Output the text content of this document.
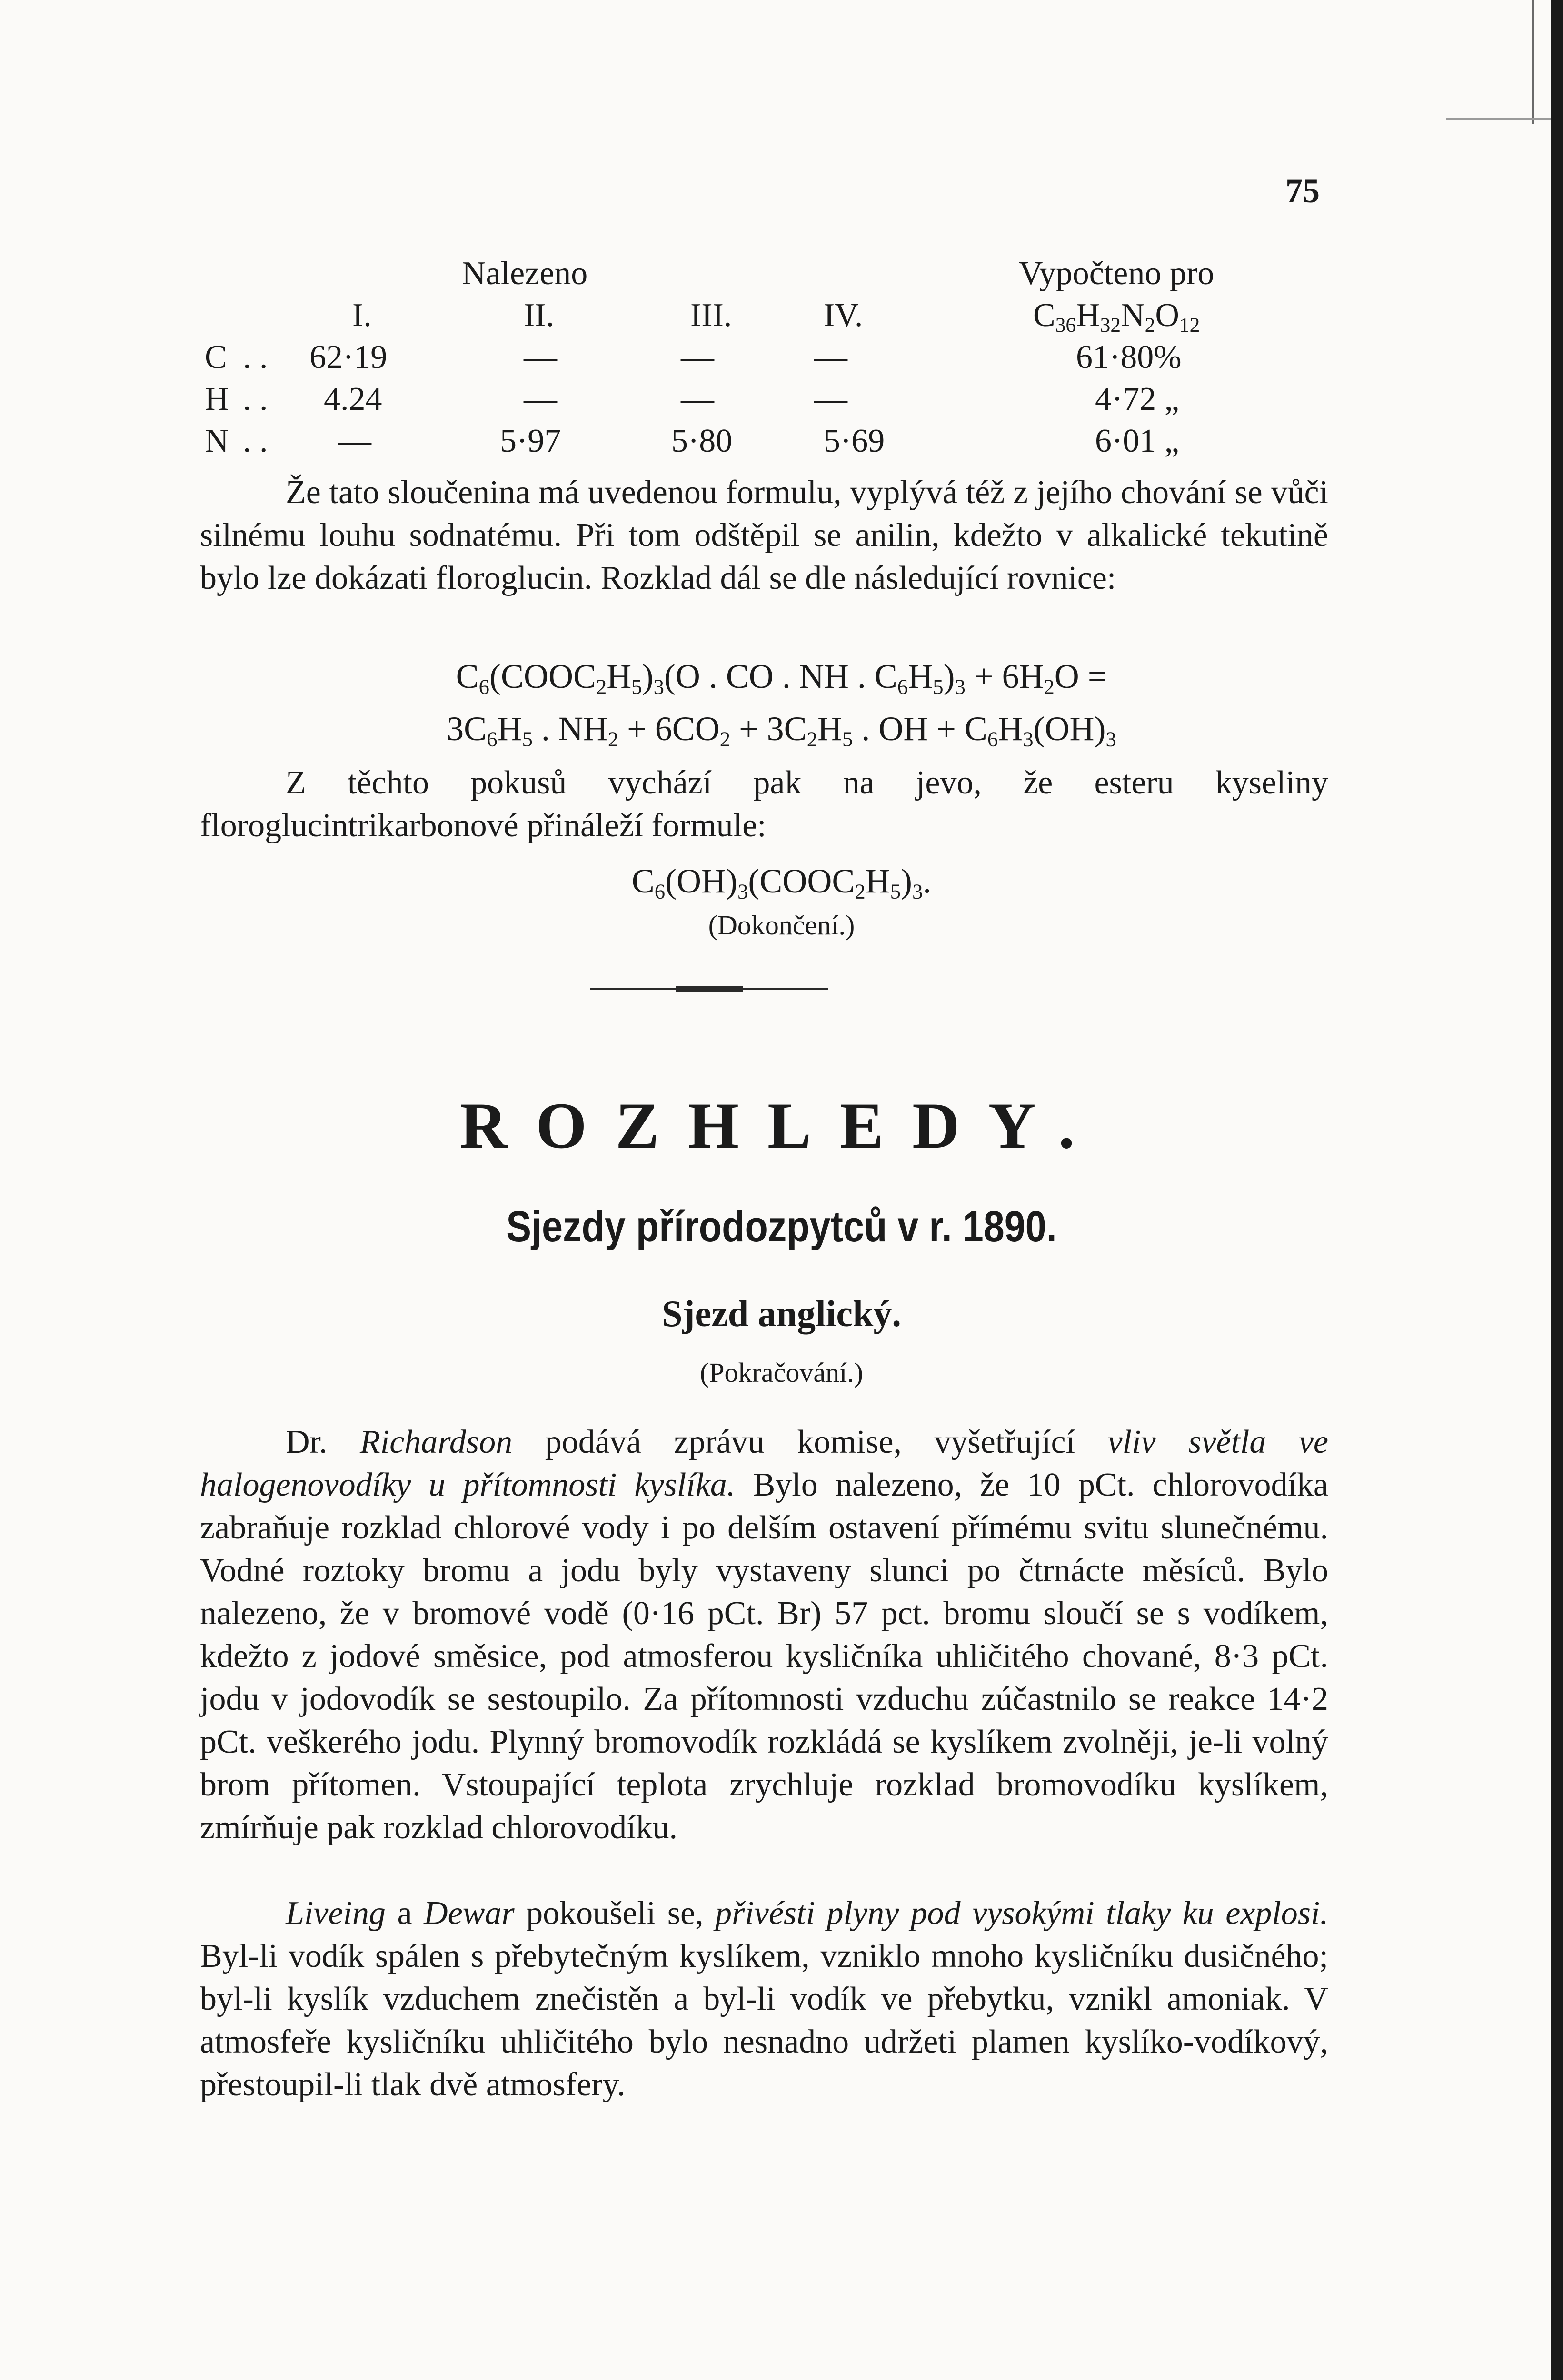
75
Nalezeno	Vypočteno pro
I.	II.	III.	IV.	$C_{36}H_{32}N_2O_{12}$
C . . 62·19	—	—	—	61·80%
H . . 4.24	—	—	—	4·72 „
N . . —	5·97	5·80	5·69	6·01 „

Že tato sloučenina má uvedenou formulu, vyplývá též z jejího chování se vůči silnému louhu sodnatému. Při tom odštěpil se anilin, kdežto v alkalické tekutině bylo lze dokázati floroglucin. Rozklad dál se dle následující rovnice:

$C_6(COOC_2H_5)_3(O$ . CO . NH . $C_6H_5)_3 + 6H_2O$ =
$3C_6H_5$ . $NH_2 + 6CO_2 + 3C_2H_5$ . OH + $C_6H_3(OH)_3$

Z těchto pokusů vychází pak na jevo, že esteru kyseliny floroglucintrikarbonové přináleží formule:

$C_6(OH)_3(COOC_2H_5)_3$.
(Dokončení.)
ROZHLEDY.
Sjezdy přírodozpytců v r. 1890.
Sjezd anglický.
(Pokračování.)

Dr. Richardson podává zprávu komise, vyšetřující vliv světla ve halogenovodíky u přítomnosti kyslíka. Bylo nalezeno, že 10 pCt. chlorovodíka zabraňuje rozklad chlorové vody i po delším ostavení přímému svitu slunečnému. Vodné roztoky bromu a jodu byly vystaveny slunci po čtrnácte měsíců. Bylo nalezeno, že v bromové vodě (0·16 pCt. Br) 57 pct. bromu sloučí se s vodíkem, kdežto z jodové směsice, pod atmosferou kysličníka uhličitého chované, 8·3 pCt. jodu v jodovodík se sestoupilo. Za přítomnosti vzduchu zúčastnilo se reakce 14·2 pCt. veškerého jodu. Plynný bromovodík rozkládá se kyslíkem zvolněji, je-li volný brom přítomen. Vstoupající teplota zrychluje rozklad bromovodíku kyslíkem, zmírňuje pak rozklad chlorovodíku.

Liveing a Dewar pokoušeli se, přivésti plyny pod vysokými tlaky ku explosi. Byl-li vodík spálen s přebytečným kyslíkem, vzniklo mnoho kysličníku dusičného; byl-li kyslík vzduchem znečistěn a byl-li vodík ve přebytku, vznikl amoniak. V atmosfeře kysličníku uhličitého bylo nesnadno udržeti plamen kyslíko-vodíkový, přestoupil-li tlak dvě atmosfery.
